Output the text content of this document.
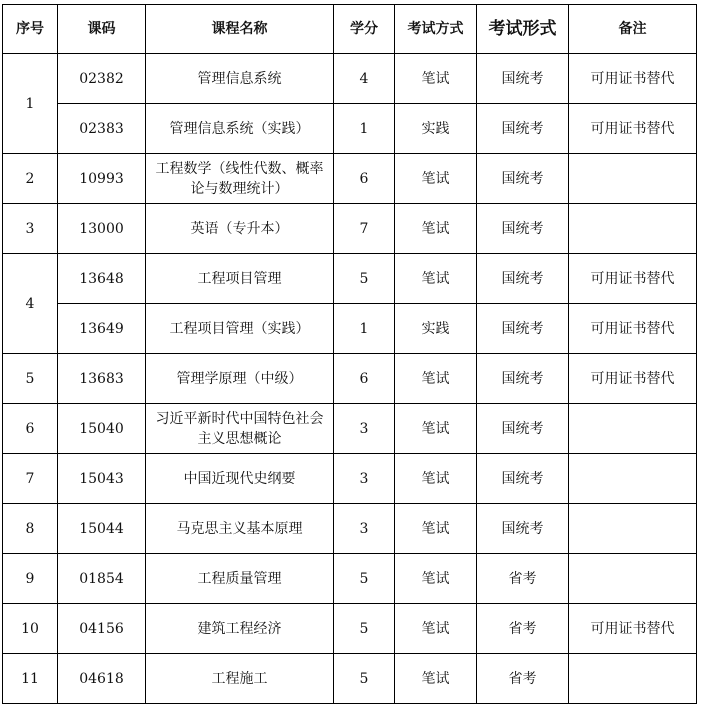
序号	课码	课程名称	学分	考试方式	考试形式	备注
1	02382	管理信息系统	4	笔试	国统考	可用证书替代
	02383	管理信息系统（实践）	1	实践	国统考	可用证书替代
2	10993	工程数学（线性代数、概率论与数理统计）	6	笔试	国统考	
3	13000	英语（专升本）	7	笔试	国统考	
4	13648	工程项目管理	5	笔试	国统考	可用证书替代
	13649	工程项目管理（实践）	1	实践	国统考	可用证书替代
5	13683	管理学原理（中级）	6	笔试	国统考	可用证书替代
6	15040	习近平新时代中国特色社会主义思想概论	3	笔试	国统考	
7	15043	中国近现代史纲要	3	笔试	国统考	
8	15044	马克思主义基本原理	3	笔试	国统考	
9	01854	工程质量管理	5	笔试	省考	
10	04156	建筑工程经济	5	笔试	省考	可用证书替代
11	04618	工程施工	5	笔试	省考	
